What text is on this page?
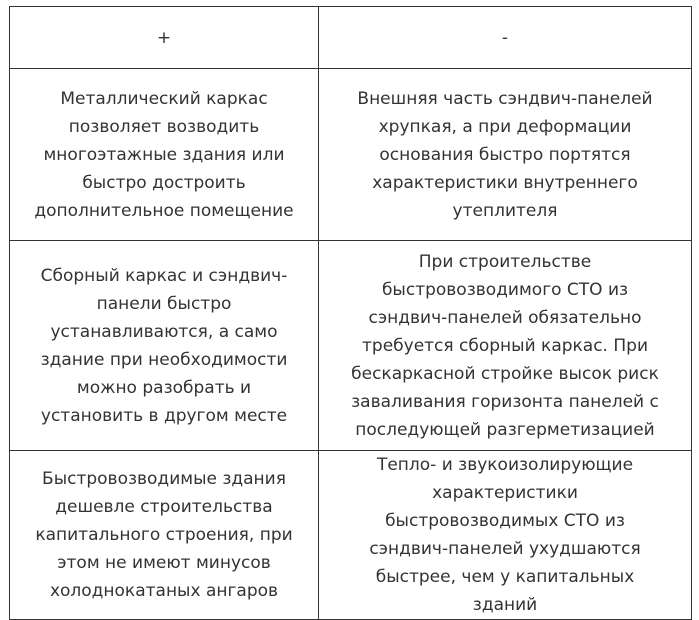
+	-

Металлический каркас позволяет возводить многоэтажные здания или быстро достроить дополнительное помещение	Внешняя часть сэндвич-панелей хрупкая, а при деформации основания быстро портятся характеристики внутреннего утеплителя

Сборный каркас и сэндвич-панели быстро устанавливаются, а само здание при необходимости можно разобрать и установить в другом месте	При строительстве быстровозводимого СТО из сэндвич-панелей обязательно требуется сборный каркас. При бескаркасной стройке высок риск заваливания горизонта панелей с последующей разгерметизацией

Быстровозводимые здания дешевле строительства капитального строения, при этом не имеют минусов холоднокатаных ангаров	Тепло- и звукоизолирующие характеристики быстровозводимых СТО из сэндвич-панелей ухудшаются быстрее, чем у капитальных зданий
